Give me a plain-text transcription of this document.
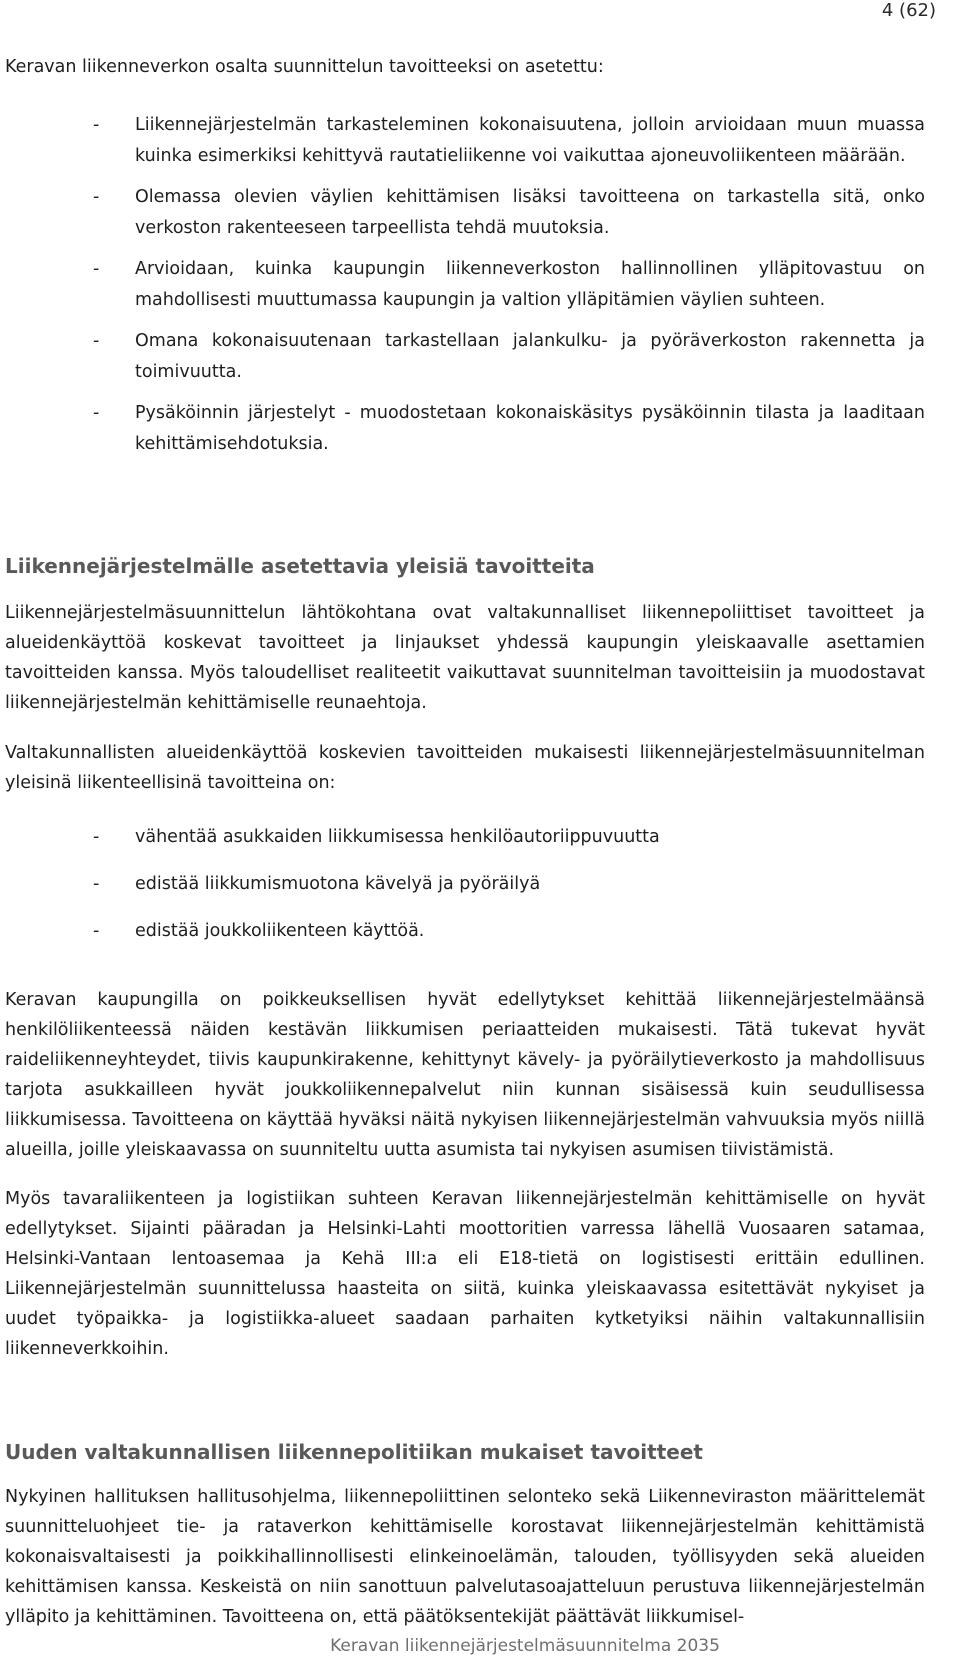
4 (62)
Keravan liikenneverkon osalta suunnittelun tavoitteeksi on asetettu:
- Liikennejärjestelmän tarkasteleminen kokonaisuutena, jolloin arvioidaan muun muassa kuinka esimerkiksi kehittyvä rautatieliikenne voi vaikuttaa ajoneuvoliikenteen määrään.
- Olemassa olevien väylien kehittämisen lisäksi tavoitteena on tarkastella sitä, onko verkoston rakenteeseen tarpeellista tehdä muutoksia.
- Arvioidaan, kuinka kaupungin liikenneverkoston hallinnollinen ylläpitovastuu on mahdollisesti muuttumassa kaupungin ja valtion ylläpitämien väylien suhteen.
- Omana kokonaisuutenaan tarkastellaan jalankulku- ja pyöräverkoston rakennetta ja toimivuutta.
- Pysäköinnin järjestelyt - muodostetaan kokonaiskäsitys pysäköinnin tilasta ja laaditaan kehittämisehdotuksia.
Liikennejärjestelmälle asetettavia yleisiä tavoitteita

Liikennejärjestelmäsuunnittelun lähtökohtana ovat valtakunnalliset liikennepoliittiset tavoitteet ja alueidenkäyttöä koskevat tavoitteet ja linjaukset yhdessä kaupungin yleiskaavalle asettamien tavoitteiden kanssa. Myös taloudelliset realiteetit vaikuttavat suunnitelman tavoitteisiin ja muodostavat liikennejärjestelmän kehittämiselle reunaehtoja.

Valtakunnallisten alueidenkäyttöä koskevien tavoitteiden mukaisesti liikennejärjestelmäsuunnitelman yleisinä liikenteellisinä tavoitteina on:

- vähentää asukkaiden liikkumisessa henkilöautoriippuvuutta
- edistää liikkumismuotona kävelyä ja pyöräilyä
- edistää joukkoliikenteen käyttöä.

Keravan kaupungilla on poikkeuksellisen hyvät edellytykset kehittää liikennejärjestelmäänsä henkilöliikenteessä näiden kestävän liikkumisen periaatteiden mukaisesti. Tätä tukevat hyvät raideliikenneyhteydet, tiivis kaupunkirakenne, kehittynyt kävely- ja pyöräilytieverkosto ja mahdollisuus tarjota asukkailleen hyvät joukkoliikennepalvelut niin kunnan sisäisessä kuin seudullisessa liikkumisessa. Tavoitteena on käyttää hyväksi näitä nykyisen liikennejärjestelmän vahvuuksia myös niillä alueilla, joille yleiskaavassa on suunniteltu uutta asumista tai nykyisen asumisen tiivistämistä.

Myös tavaraliikenteen ja logistiikan suhteen Keravan liikennejärjestelmän kehittämiselle on hyvät edellytykset. Sijainti pääradan ja Helsinki-Lahti moottoritien varressa lähellä Vuosaaren satamaa, Helsinki-Vantaan lentoasemaa ja Kehä III:a eli E18-tietä on logistisesti erittäin edullinen. Liikennejärjestelmän suunnittelussa haasteita on siitä, kuinka yleiskaavassa esitettävät nykyiset ja uudet työpaikka- ja logistiikka-alueet saadaan parhaiten kytketyiksi näihin valtakunnallisiin liikenneverkkoihin.

Uuden valtakunnallisen liikennepolitiikan mukaiset tavoitteet

Nykyinen hallituksen hallitusohjelma, liikennepoliittinen selonteko sekä Liikenneviraston määrittelemät suunnitteluohjeet tie- ja rataverkon kehittämiselle korostavat liikennejärjestelmän kehittämistä kokonaisvaltaisesti ja poikkihallinnollisesti elinkeinoelämän, talouden, työllisyyden sekä alueiden kehittämisen kanssa. Keskeistä on niin sanottuun palvelutasoajatteluun perustuva liikennejärjestelmän ylläpito ja kehittäminen. Tavoitteena on, että päätöksentekijät päättävät liikkumisel-

Keravan liikennejärjestelmäsuunnitelma 2035
